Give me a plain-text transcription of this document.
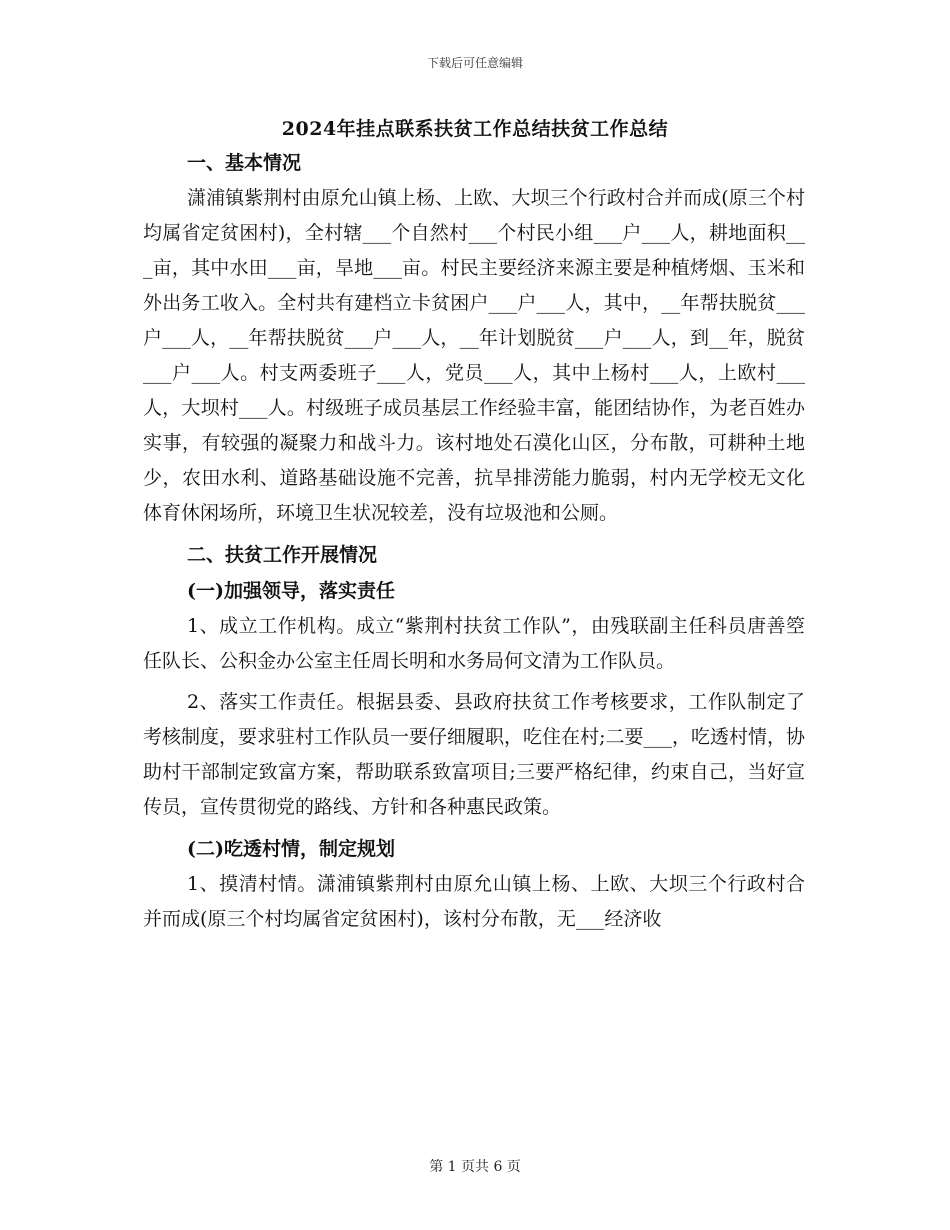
下载后可任意编辑
2024年挂点联系扶贫工作总结扶贫工作总结

一、基本情况

潇浦镇紫荆村由原允山镇上杨、上欧、大坝三个行政村合并而成(原三个村均属省定贫困村)，全村辖___个自然村___个村民小组___户___人，耕地面积___亩，其中水田___亩，旱地___亩。村民主要经济来源主要是种植烤烟、玉米和外出务工收入。全村共有建档立卡贫困户___户___人，其中，__年帮扶脱贫___户___人，__年帮扶脱贫___户___人，__年计划脱贫___户___人，到__年，脱贫___户___人。村支两委班子___人，党员___人，其中上杨村___人，上欧村___人，大坝村___人。村级班子成员基层工作经验丰富，能团结协作，为老百姓办实事，有较强的凝聚力和战斗力。该村地处石漠化山区，分布散，可耕种土地少，农田水利、道路基础设施不完善，抗旱排涝能力脆弱，村内无学校无文化体育休闲场所，环境卫生状况较差，没有垃圾池和公厕。

二、扶贫工作开展情况

(一)加强领导，落实责任

1、成立工作机构。成立“紫荆村扶贫工作队”，由残联副主任科员唐善箜任队长、公积金办公室主任周长明和水务局何文清为工作队员。

2、落实工作责任。根据县委、县政府扶贫工作考核要求，工作队制定了考核制度，要求驻村工作队员一要仔细履职，吃住在村;二要___，吃透村情，协助村干部制定致富方案，帮助联系致富项目;三要严格纪律，约束自己，当好宣传员，宣传贯彻党的路线、方针和各种惠民政策。

(二)吃透村情，制定规划

1、摸清村情。潇浦镇紫荆村由原允山镇上杨、上欧、大坝三个行政村合并而成(原三个村均属省定贫困村)，该村分布散，无___经济收

第 1 页共 6 页
